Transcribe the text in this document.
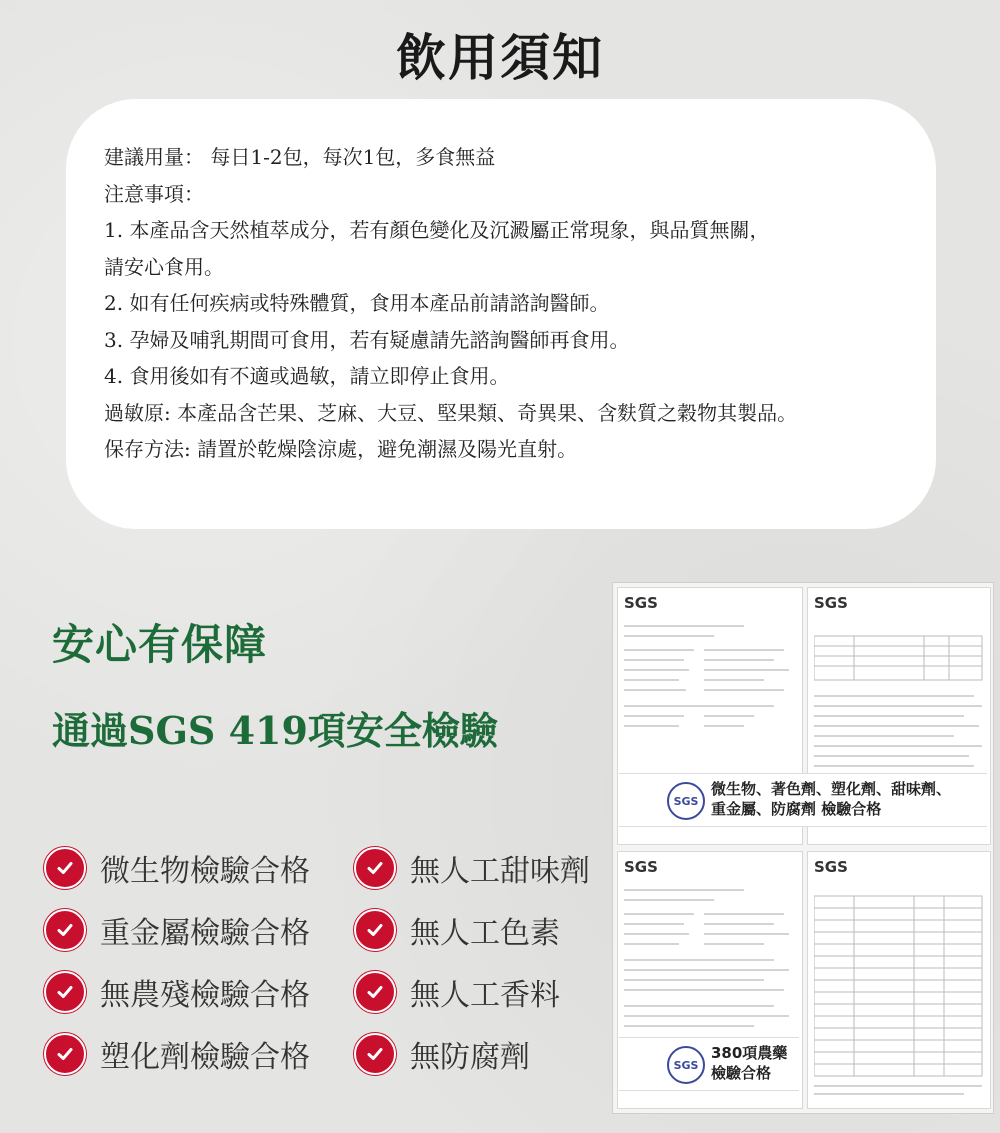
飲用須知
建議用量： 每日1-2包，每次1包，多食無益
注意事項：
1. 本產品含天然植萃成分，若有顏色變化及沉澱屬正常現象，與品質無關，
請安心食用。
2. 如有任何疾病或特殊體質，食用本產品前請諮詢醫師。
3. 孕婦及哺乳期間可食用，若有疑慮請先諮詢醫師再食用。
4. 食用後如有不適或過敏，請立即停止食用。
過敏原: 本產品含芒果、芝麻、大豆、堅果類、奇異果、含麩質之穀物其製品。
保存方法: 請置於乾燥陰涼處，避免潮濕及陽光直射。
安心有保障
通過SGS 419項安全檢驗
微生物檢驗合格	無人工甜味劑
重金屬檢驗合格	無人工色素
無農殘檢驗合格	無人工香料
塑化劑檢驗合格	無防腐劑
SGS	SGS
SGS
微生物、著色劑、塑化劑、甜味劑、
重金屬、防腐劑 檢驗合格
SGS	SGS
SGS
380項農藥
檢驗合格
